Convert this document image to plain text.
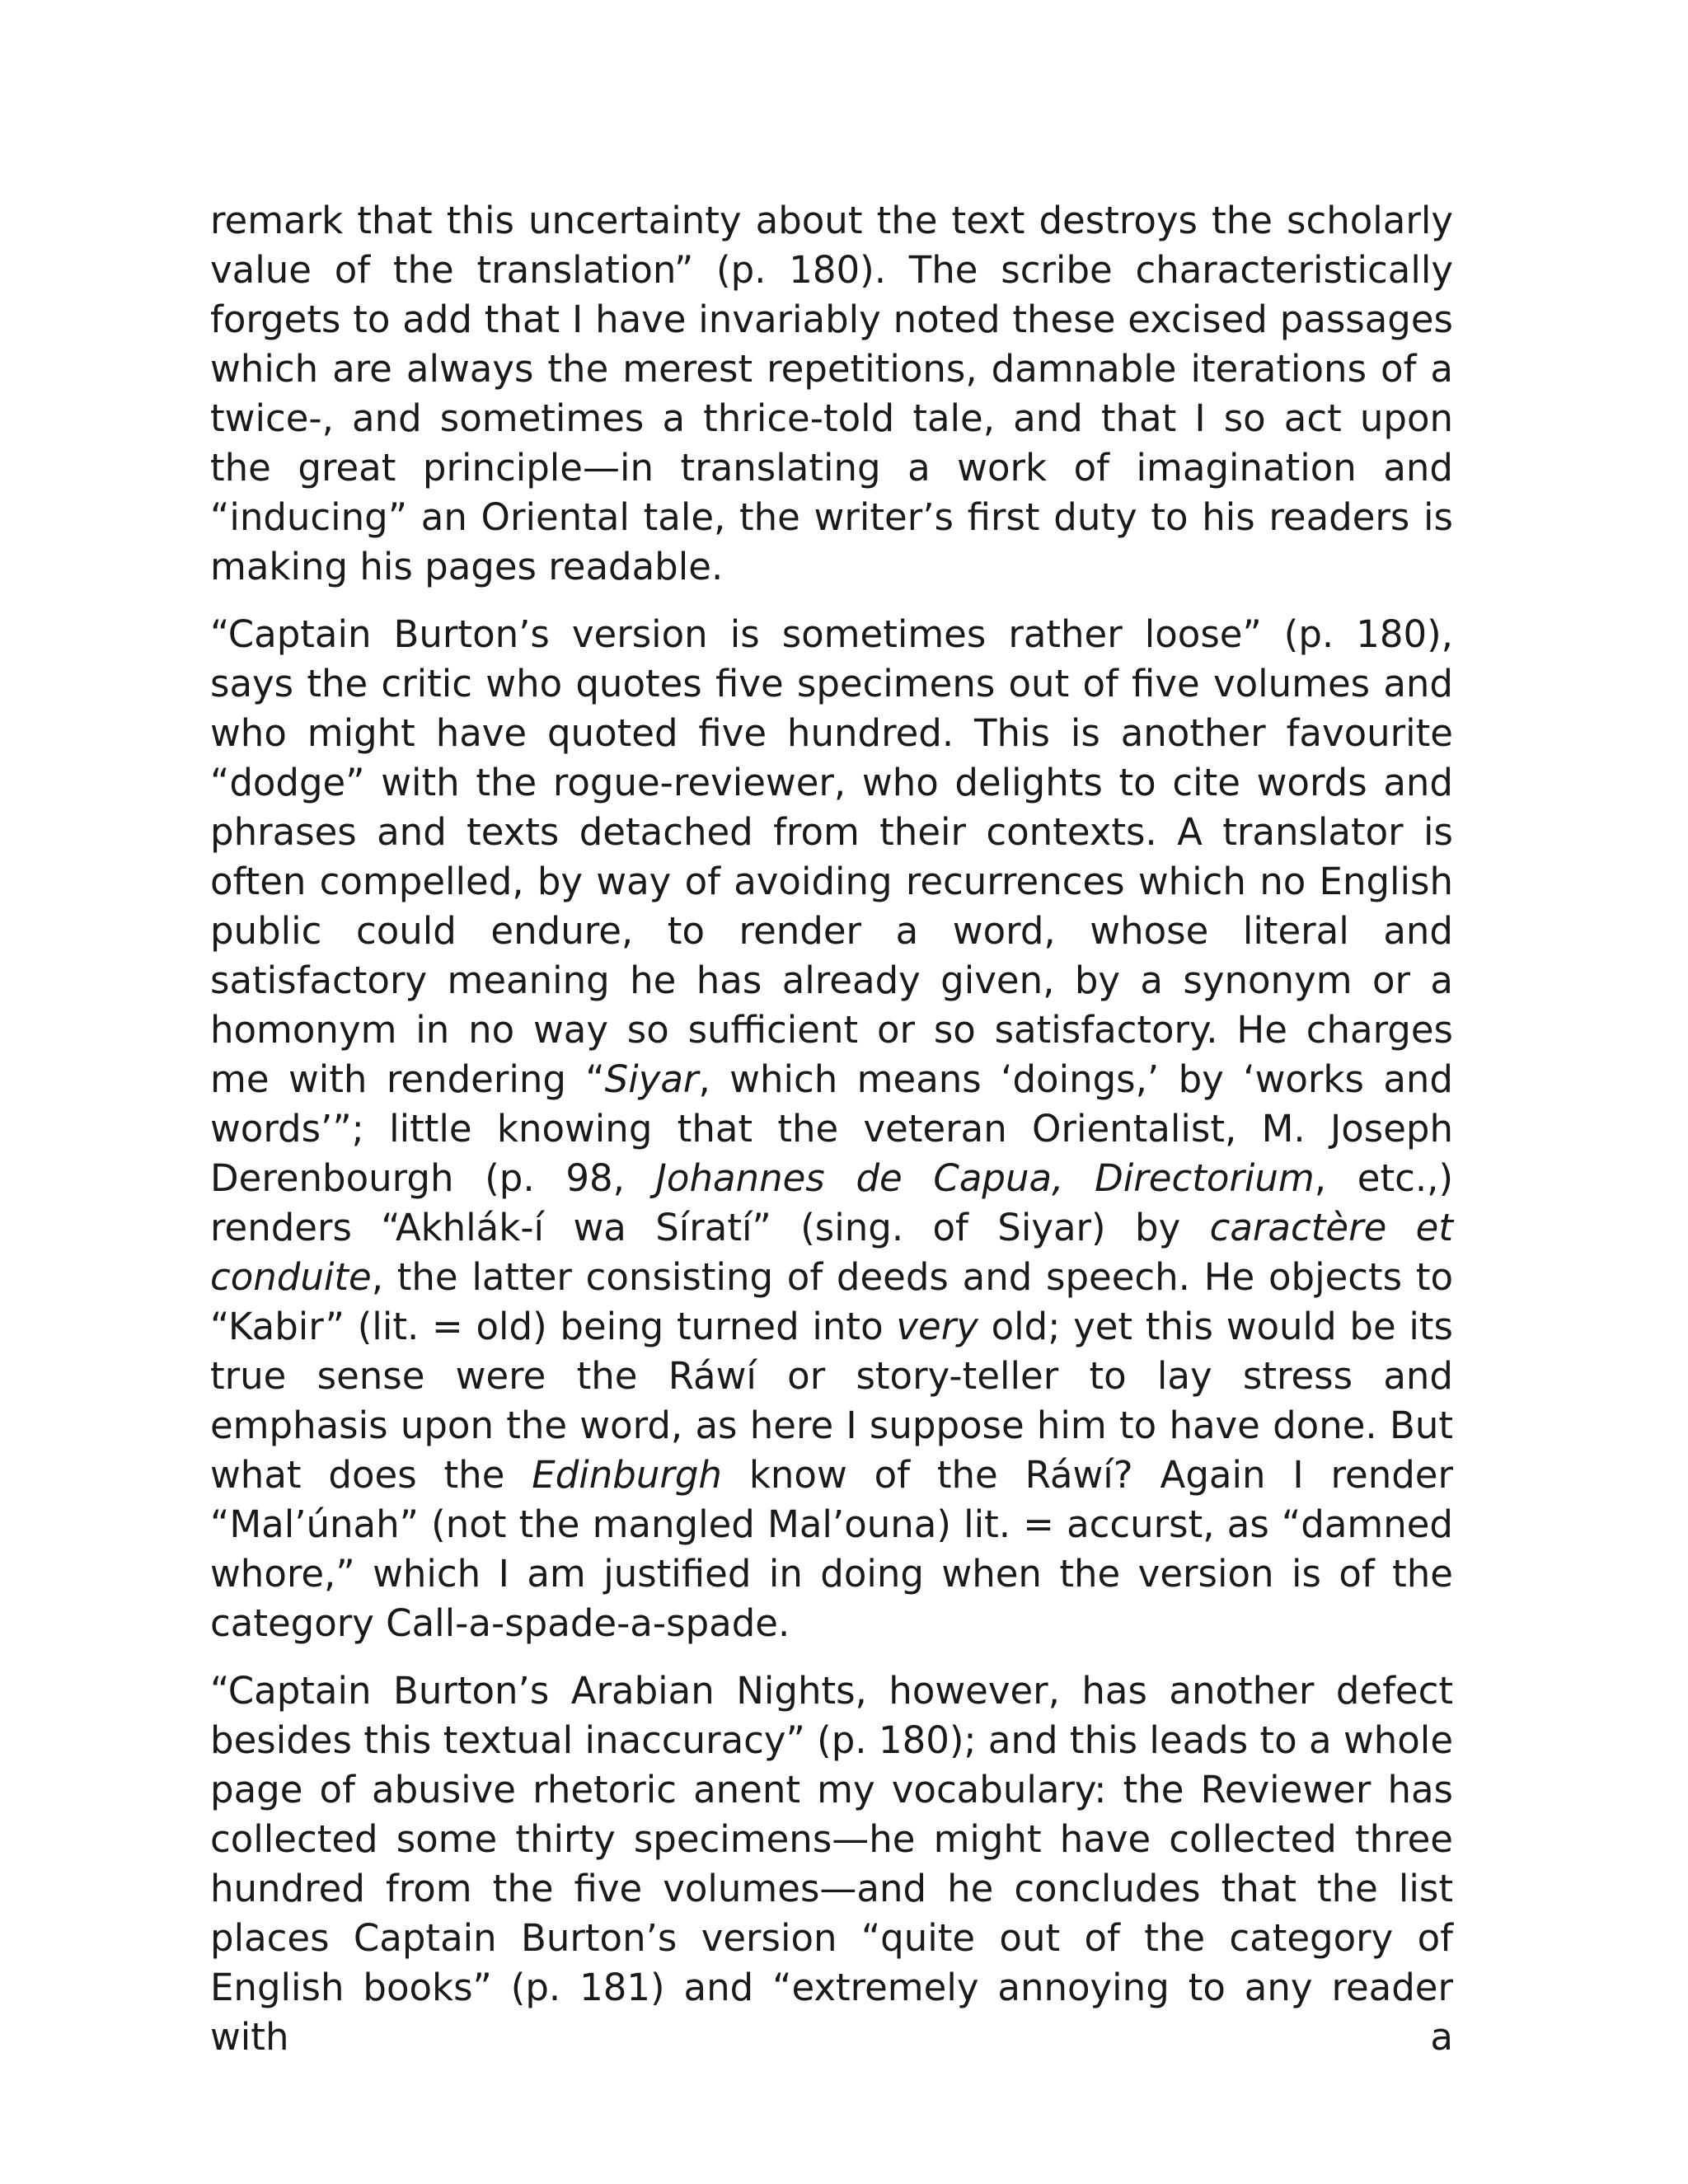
remark that this uncertainty about the text destroys the scholarly value of the translation” (p. 180). The scribe characteristically forgets to add that I have invariably noted these excised passages which are always the merest repetitions, damnable iterations of a twice-, and sometimes a thrice-told tale, and that I so act upon the great principle—in translating a work of imagination and “inducing” an Oriental tale, the writer’s first duty to his readers is making his pages readable.

“Captain Burton’s version is sometimes rather loose” (p. 180), says the critic who quotes five specimens out of five volumes and who might have quoted five hundred. This is another favourite “dodge” with the rogue-reviewer, who delights to cite words and phrases and texts detached from their contexts. A translator is often compelled, by way of avoiding recurrences which no English public could endure, to render a word, whose literal and satisfactory meaning he has already given, by a synonym or a homonym in no way so sufficient or so satisfactory. He charges me with rendering “Siyar, which means ‘doings,’ by ‘works and words’”; little knowing that the veteran Orientalist, M. Joseph Derenbourgh (p. 98, Johannes de Capua, Directorium, etc.,) renders “Akhlák-í wa Síratí” (sing. of Siyar) by caractère et conduite, the latter consisting of deeds and speech. He objects to “Kabir” (lit. = old) being turned into very old; yet this would be its true sense were the Ráwí or story-teller to lay stress and emphasis upon the word, as here I suppose him to have done. But what does the Edinburgh know of the Ráwí? Again I render “Mal’únah” (not the mangled Mal’ouna) lit. = accurst, as “damned whore,” which I am justified in doing when the version is of the category Call-a-spade-a-spade.

“Captain Burton’s Arabian Nights, however, has another defect besides this textual inaccuracy” (p. 180); and this leads to a whole page of abusive rhetoric anent my vocabulary: the Reviewer has collected some thirty specimens—he might have collected three hundred from the five volumes—and he concludes that the list places Captain Burton’s version “quite out of the category of English books” (p. 181) and “extremely annoying to any reader with a
